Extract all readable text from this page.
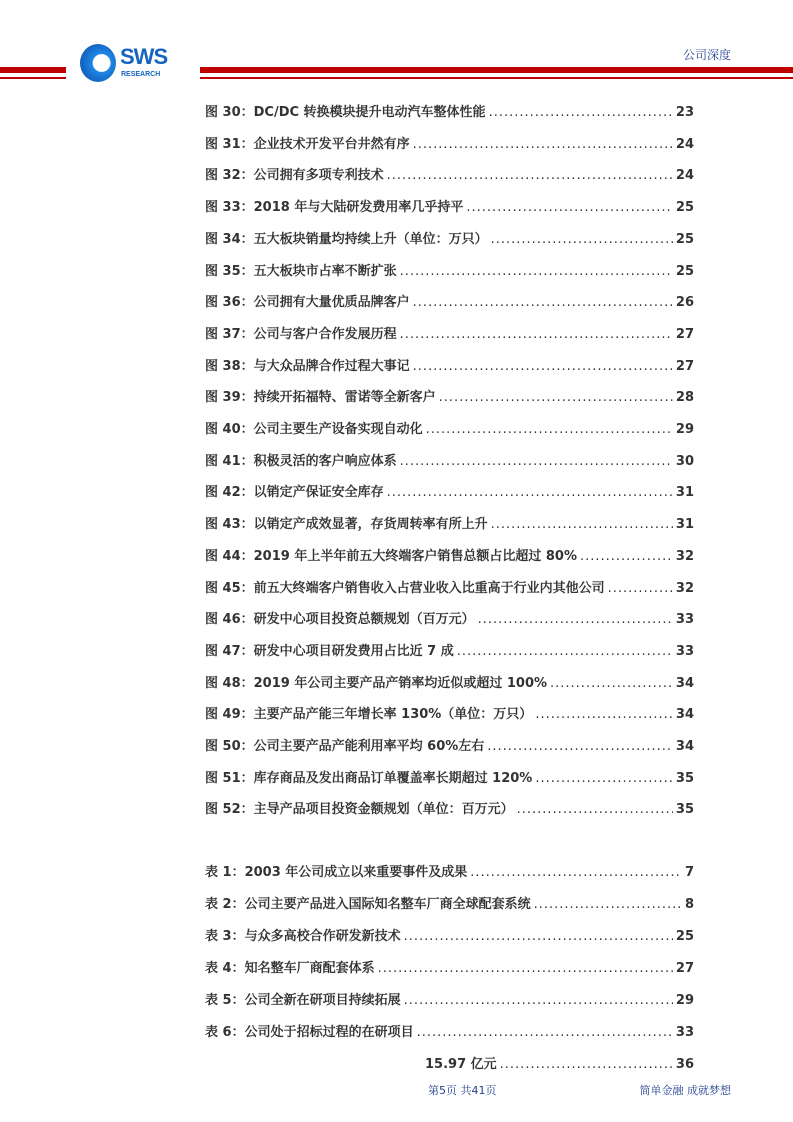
SWS
RESEARCH
公司深度
图 30：DC/DC 转换模块提升电动汽车整体性能 .....	23
图 31：企业技术开发平台井然有序 .....	24
图 32：公司拥有多项专利技术 .....	24
图 33：2018 年与大陆研发费用率几乎持平 .....	25
图 34：五大板块销量均持续上升（单位：万只） .....	25
图 35：五大板块市占率不断扩张 .....	25
图 36：公司拥有大量优质品牌客户 .....	26
图 37：公司与客户合作发展历程 .....	27
图 38：与大众品牌合作过程大事记 .....	27
图 39：持续开拓福特、雷诺等全新客户 .....	28
图 40：公司主要生产设备实现自动化 .....	29
图 41：积极灵活的客户响应体系 .....	30
图 42：以销定产保证安全库存 .....	31
图 43：以销定产成效显著，存货周转率有所上升 .....	31
图 44：2019 年上半年前五大终端客户销售总额占比超过 80% .....	32
图 45：前五大终端客户销售收入占营业收入比重高于行业内其他公司 .....	32
图 46：研发中心项目投资总额规划（百万元） .....	33
图 47：研发中心项目研发费用占比近 7 成 .....	33
图 48：2019 年公司主要产品产销率均近似或超过 100% .....	34
图 49：主要产品产能三年增长率 130%（单位：万只） .....	34
图 50：公司主要产品产能利用率平均 60%左右 .....	34
图 51：库存商品及发出商品订单覆盖率长期超过 120% .....	35
图 52：主导产品项目投资金额规划（单位：百万元） .....	35
表 1：2003 年公司成立以来重要事件及成果 .....	7
表 2：公司主要产品进入国际知名整车厂商全球配套系统 .....	8
表 3：与众多高校合作研发新技术 .....	25
表 4：知名整车厂商配套体系 .....	27
表 5：公司全新在研项目持续拓展 .....	29
表 6：公司处于招标过程的在研项目 .....	33
15.97 亿元 .....	36
第5页 共41页	简单金融 成就梦想
